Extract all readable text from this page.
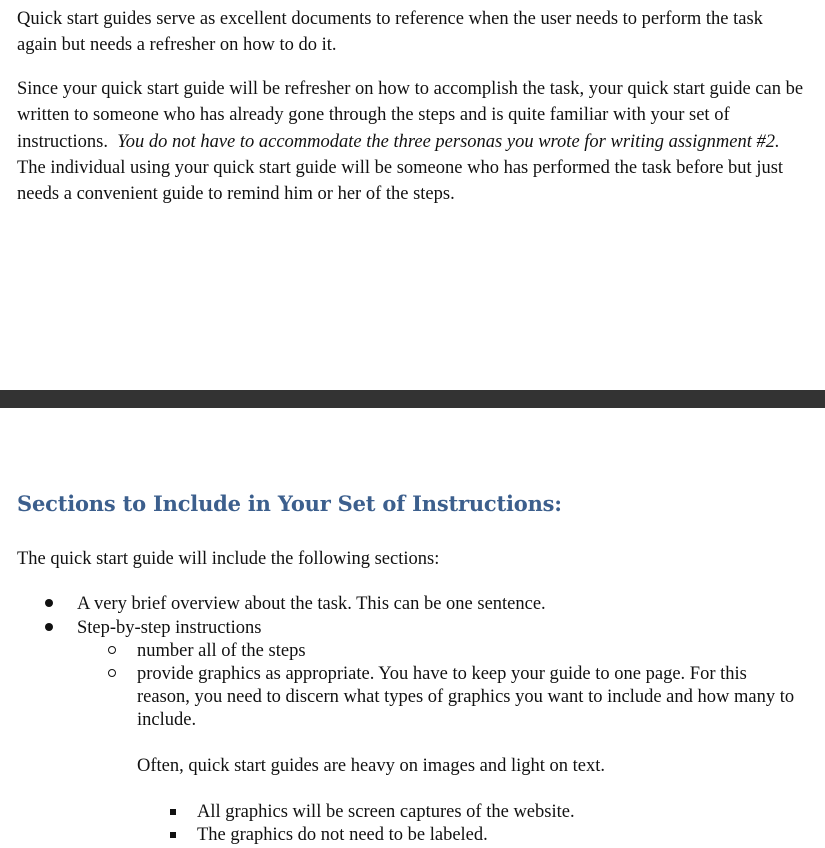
Quick start guides serve as excellent documents to reference when the user needs to perform the task again but needs a refresher on how to do it.

Since your quick start guide will be refresher on how to accomplish the task, your quick start guide can be written to someone who has already gone through the steps and is quite familiar with your set of instructions. You do not have to accommodate the three personas you wrote for writing assignment #2.  The individual using your quick start guide will be someone who has performed the task before but just needs a convenient guide to remind him or her of the steps.

Sections to Include in Your Set of Instructions:

The quick start guide will include the following sections:

A very brief overview about the task. This can be one sentence.

Step-by-step instructions

number all of the steps

provide graphics as appropriate. You have to keep your guide to one page. For this reason, you need to discern what types of graphics you want to include and how many to include.

Often, quick start guides are heavy on images and light on text.

All graphics will be screen captures of the website.

The graphics do not need to be labeled.
